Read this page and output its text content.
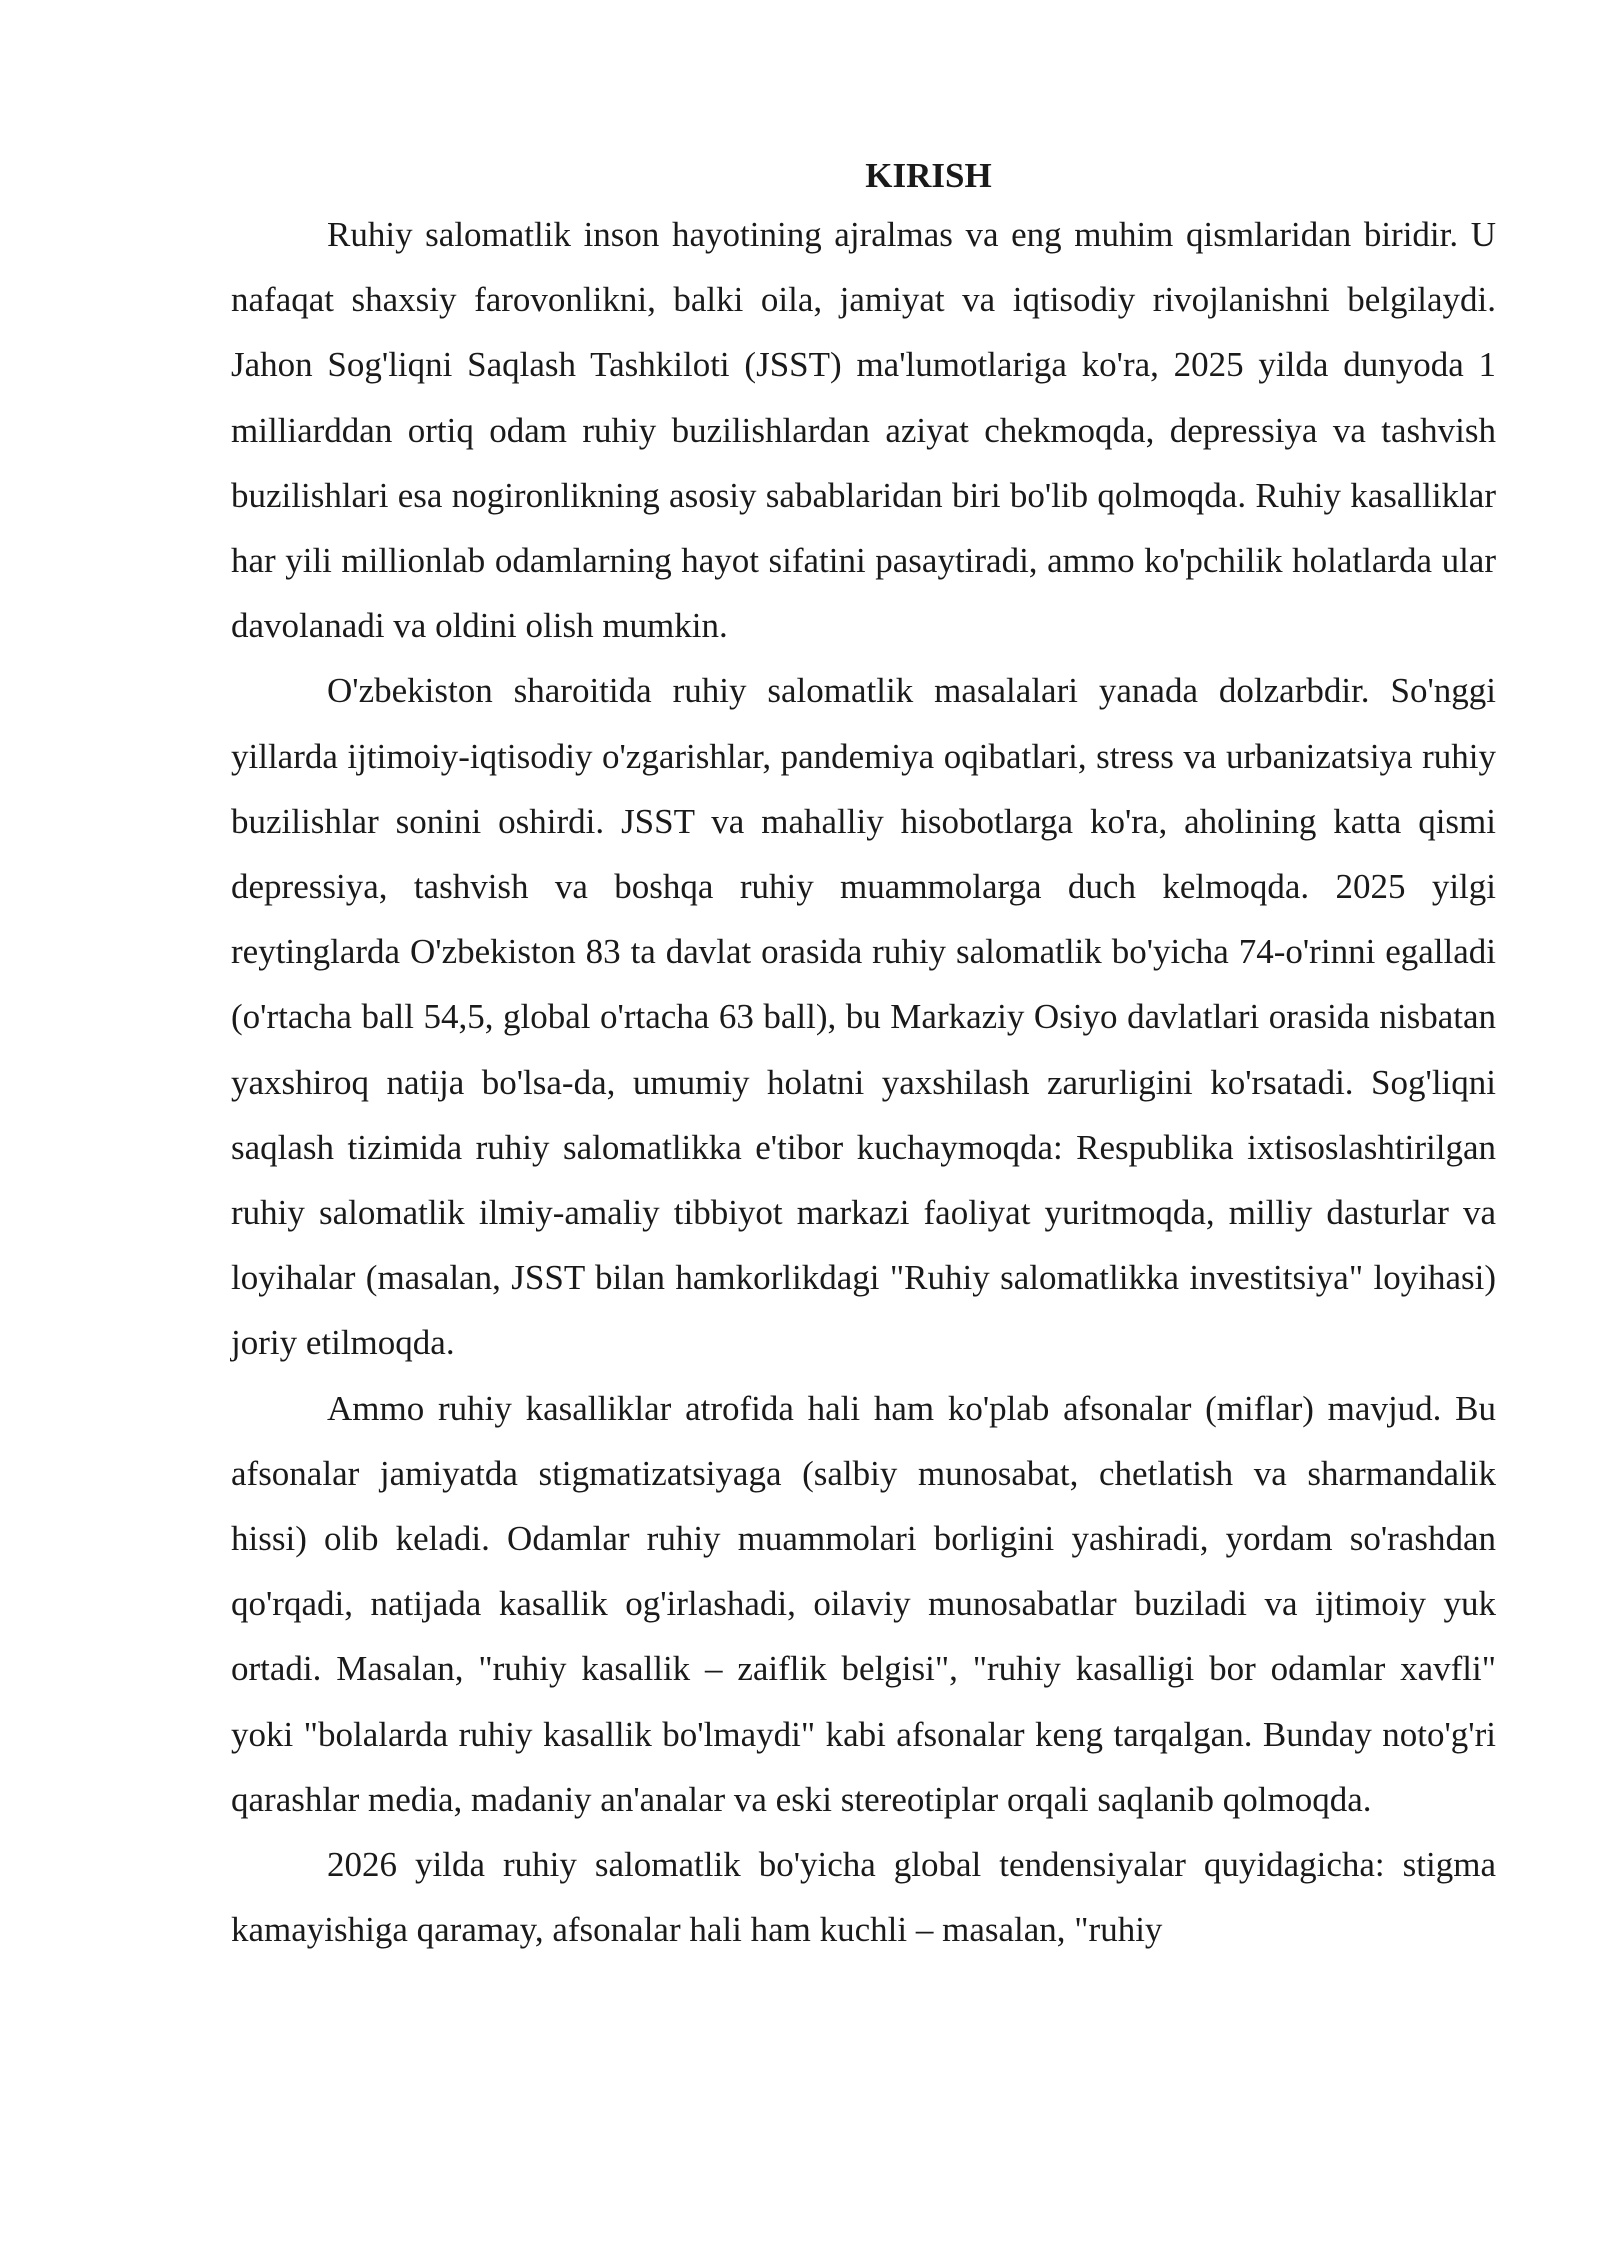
KIRISH

Ruhiy salomatlik inson hayotining ajralmas va eng muhim qismlaridan biridir. U nafaqat shaxsiy farovonlikni, balki oila, jamiyat va iqtisodiy rivojlanishni belgilaydi. Jahon Sog'liqni Saqlash Tashkiloti (JSST) ma'lumotlariga ko'ra, 2025 yilda dunyoda 1 milliarddan ortiq odam ruhiy buzilishlardan aziyat chekmoqda, depressiya va tashvish buzilishlari esa nogironlikning asosiy sabablaridan biri bo'lib qolmoqda. Ruhiy kasalliklar har yili millionlab odamlarning hayot sifatini pasaytiradi, ammo ko'pchilik holatlarda ular davolanadi va oldini olish mumkin.

O'zbekiston sharoitida ruhiy salomatlik masalalari yanada dolzarbdir. So'nggi yillarda ijtimoiy-iqtisodiy o'zgarishlar, pandemiya oqibatlari, stress va urbanizatsiya ruhiy buzilishlar sonini oshirdi. JSST va mahalliy hisobotlarga ko'ra, aholining katta qismi depressiya, tashvish va boshqa ruhiy muammolarga duch kelmoqda. 2025 yilgi reytinglarda O'zbekiston 83 ta davlat orasida ruhiy salomatlik bo'yicha 74-o'rinni egalladi (o'rtacha ball 54,5, global o'rtacha 63 ball), bu Markaziy Osiyo davlatlari orasida nisbatan yaxshiroq natija bo'lsa-da, umumiy holatni yaxshilash zarurligini ko'rsatadi. Sog'liqni saqlash tizimida ruhiy salomatlikka e'tibor kuchaymoqda: Respublika ixtisoslashtirilgan ruhiy salomatlik ilmiy-amaliy tibbiyot markazi faoliyat yuritmoqda, milliy dasturlar va loyihalar (masalan, JSST bilan hamkorlikdagi "Ruhiy salomatlikka investitsiya" loyihasi) joriy etilmoqda.

Ammo ruhiy kasalliklar atrofida hali ham ko'plab afsonalar (miflar) mavjud. Bu afsonalar jamiyatda stigmatizatsiyaga (salbiy munosabat, chetlatish va sharmandalik hissi) olib keladi. Odamlar ruhiy muammolari borligini yashiradi, yordam so'rashdan qo'rqadi, natijada kasallik og'irlashadi, oilaviy munosabatlar buziladi va ijtimoiy yuk ortadi. Masalan, "ruhiy kasallik – zaiflik belgisi", "ruhiy kasalligi bor odamlar xavfli" yoki "bolalarda ruhiy kasallik bo'lmaydi" kabi afsonalar keng tarqalgan. Bunday noto'g'ri qarashlar media, madaniy an'analar va eski stereotiplar orqali saqlanib qolmoqda.

2026 yilda ruhiy salomatlik bo'yicha global tendensiyalar quyidagicha: stigma kamayishiga qaramay, afsonalar hali ham kuchli – masalan, "ruhiy
